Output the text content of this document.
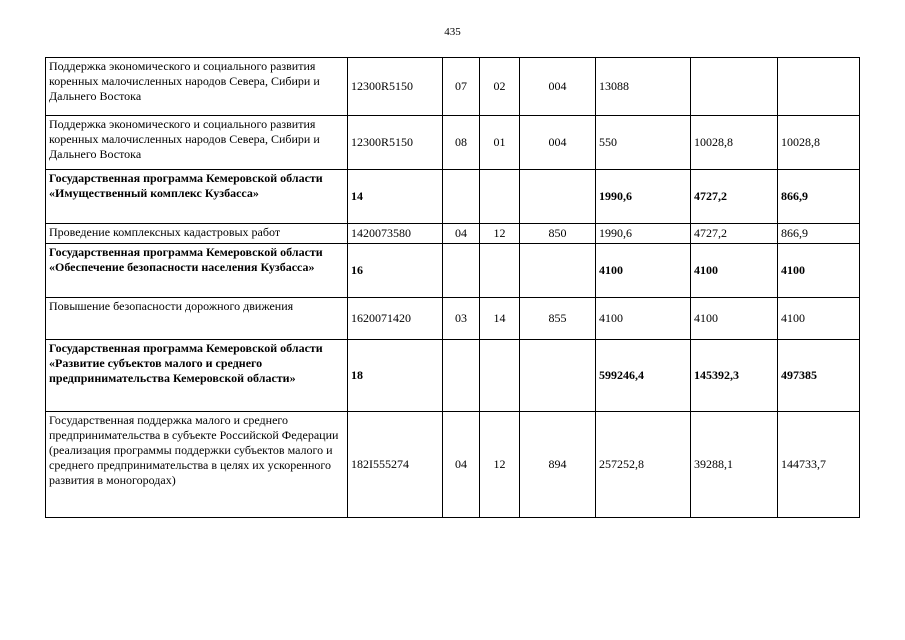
435
Поддержка экономического и социального развития коренных малочисленных народов Севера, Сибири и Дальнего Востока	12300R5150	07	02	004	13088		
Поддержка экономического и социального развития коренных малочисленных народов Севера, Сибири и Дальнего Востока	12300R5150	08	01	004	550	10028,8	10028,8
Государственная программа Кемеровской области «Имущественный комплекс Кузбасса»	14				1990,6	4727,2	866,9
Проведение комплексных кадастровых работ	1420073580	04	12	850	1990,6	4727,2	866,9
Государственная программа Кемеровской области «Обеспечение безопасности населения Кузбасса»	16				4100	4100	4100
Повышение безопасности дорожного движения	1620071420	03	14	855	4100	4100	4100
Государственная программа Кемеровской области «Развитие субъектов малого и среднего предпринимательства Кемеровской области»	18				599246,4	145392,3	497385
Государственная поддержка малого и среднего предпринимательства в субъекте Российской Федерации (реализация программы поддержки субъектов малого и среднего предпринимательства в целях их ускоренного развития в моногородах)	182I555274	04	12	894	257252,8	39288,1	144733,7
